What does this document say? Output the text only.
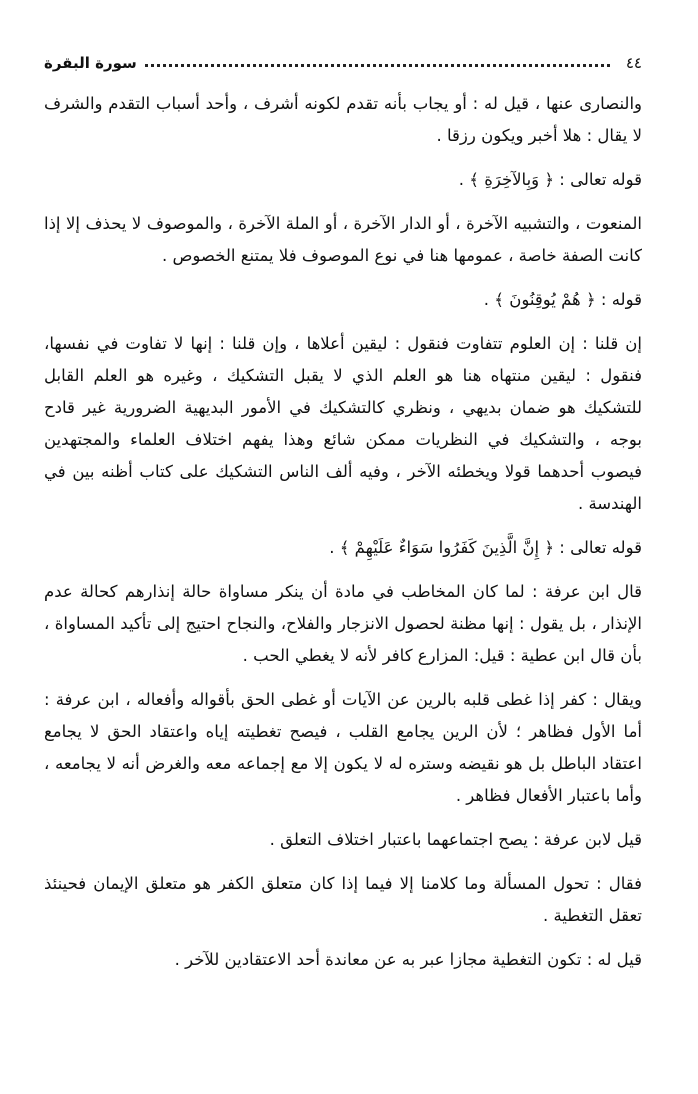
٤٤
سورة البقرة

والنصارى عنها ، قيل له : أو يجاب بأنه تقدم لكونه أشرف ، وأحد أسباب التقدم والشرف لا يقال : هلا أخبر ويكون رزقا .

قوله تعالى : ﴿ وَبِالآخِرَةِ ﴾ .

المنعوت ، والتشبيه الآخرة ، أو الدار الآخرة ، أو الملة الآخرة ، والموصوف لا يحذف إلا إذا كانت الصفة خاصة ، عمومها هنا في نوع الموصوف فلا يمتنع الخصوص .

قوله : ﴿ هُمْ يُوقِنُونَ ﴾ .

إن قلنا : إن العلوم تتفاوت فنقول : ليقين أعلاها ، وإن قلنا : إنها لا تفاوت في نفسها، فنقول : ليقين منتهاه هنا هو العلم الذي لا يقبل التشكيك ، وغيره هو العلم القابل للتشكيك هو ضمان بديهي ، ونظري كالتشكيك في الأمور البديهية الضرورية غير قادح بوجه ، والتشكيك في النظريات ممكن شائع وهذا يفهم اختلاف العلماء والمجتهدين فيصوب أحدهما قولا ويخطئه الآخر ، وفيه ألف الناس التشكيك على كتاب أظنه بين في الهندسة .

قوله تعالى : ﴿ إِنَّ الَّذِينَ كَفَرُوا سَوَاءٌ عَلَيْهِمْ ﴾ .

قال ابن عرفة : لما كان المخاطب في مادة أن ينكر مساواة حالة إنذارهم كحالة عدم الإنذار ، بل يقول : إنها مظنة لحصول الانزجار والفلاح، والنجاح احتيج إلى تأكيد المساواة ، بأن قال ابن عطية : قيل: المزارع كافر لأنه لا يغطي الحب .

ويقال : كفر إذا غطى قلبه بالرين عن الآيات أو غطى الحق بأقواله وأفعاله ، ابن عرفة : أما الأول فظاهر ؛ لأن الرين يجامع القلب ، فيصح تغطيته إياه واعتقاد الحق لا يجامع اعتقاد الباطل بل هو نقيضه وستره له لا يكون إلا مع إجماعه معه والغرض أنه لا يجامعه ، وأما باعتبار الأفعال فظاهر .

قيل لابن عرفة : يصح اجتماعهما باعتبار اختلاف التعلق .

فقال : تحول المسألة وما كلامنا إلا فيما إذا كان متعلق الكفر هو متعلق الإيمان فحينئذ تعقل التغطية .

قيل له : تكون التغطية مجازا عبر به عن معاندة أحد الاعتقادين للآخر .
